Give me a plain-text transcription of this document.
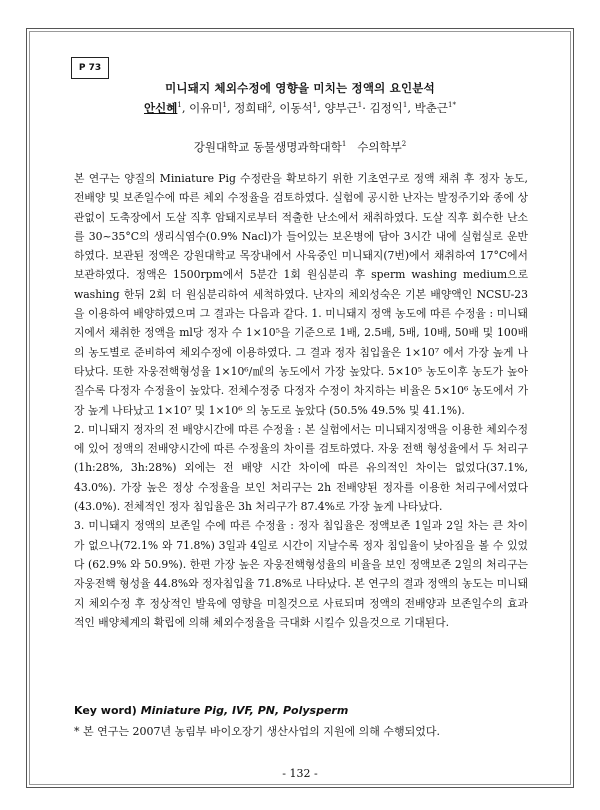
P 73
미니돼지 체외수정에 영향을 미치는 정액의 요인분석
안신혜$^1$, 이유미$^1$, 정희태$^2$, 이동석$^1$, 양부근$^1$· 김정익$^1$, 박춘근$^{1*}$
강원대학교 동물생명과학대학$^1$ 수의학부$^2$

본 연구는 양질의 Miniature Pig 수정란을 확보하기 위한 기초연구로 정액 채취 후 정자 농도, 전배양 및 보존일수에 따른 체외 수정율을 검토하였다. 실험에 공시한 난자는 발정주기와 종에 상관없이 도축장에서 도살 직후 암돼지로부터 적출한 난소에서 채취하였다. 도살 직후 회수한 난소를 30~35°C의 생리식염수(0.9% Nacl)가 들어있는 보온병에 담아 3시간 내에 실험실로 운반하였다. 보관된 정액은 강원대학교 목장내에서 사육중인 미니돼지(7번)에서 채취하여 17°C에서 보관하였다. 정액은 1500rpm에서 5분간 1회 원심분리 후 sperm washing medium으로 washing 한뒤 2회 더 원심분리하여 세척하였다. 난자의 체외성숙은 기본 배양액인 NCSU-23을 이용하여 배양하였으며 그 결과는 다음과 같다. 1. 미니돼지 정액 농도에 따른 수정율 : 미니돼지에서 채취한 정액을 ml당 정자 수 1×10⁵을 기준으로 1배, 2.5배, 5배, 10배, 50배 및 100배의 농도별로 준비하여 체외수정에 이용하였다. 그 결과 정자 침입율은 1×10⁷ 에서 가장 높게 나타났다. 또한 자웅전핵형성율 1×10⁶/㎖의 농도에서 가장 높았다. 5×10⁵ 농도이후 농도가 높아질수록 다정자 수정율이 높았다. 전체수정중 다정자 수정이 차지하는 비율은 5×10⁶ 농도에서 가장 높게 나타났고 1×10⁷ 및 1×10⁶ 의 농도로 높았다 (50.5% 49.5% 및 41.1%).

2. 미니돼지 정자의 전 배양시간에 따른 수정율 : 본 실험에서는 미니돼지정액을 이용한 체외수정에 있어 정액의 전배양시간에 따른 수정율의 차이를 검토하였다. 자웅 전핵 형성율에서 두 처리구 (1h:28%, 3h:28%) 외에는 전 배양 시간 차이에 따른 유의적인 차이는 없었다(37.1%, 43.0%). 가장 높은 정상 수정율을 보인 처리구는 2h 전배양된 정자를 이용한 처리구에서였다(43.0%). 전체적인 정자 침입율은 3h 처리구가 87.4%로 가장 높게 나타났다.

3. 미니돼지 정액의 보존일 수에 따른 수정율 : 정자 침입율은 정액보존 1일과 2일 차는 큰 차이가 없으나(72.1% 와 71.8%) 3일과 4일로 시간이 지날수록 정자 침입율이 낮아짐을 볼 수 있었다 (62.9% 와 50.9%). 한편 가장 높은 자웅전핵형성율의 비율을 보인 정액보존 2일의 처리구는 자웅전핵 형성율 44.8%와 정자침입율 71.8%로 나타났다. 본 연구의 결과 정액의 농도는 미니돼지 체외수정 후 정상적인 발육에 영향을 미칠것으로 사료되며 정액의 전배양과 보존일수의 효과적인 배양체계의 확립에 의해 체외수정율을 극대화 시킬수 있을것으로 기대된다.

Key word) Miniature Pig, IVF, PN, Polysperm
* 본 연구는 2007년 농림부 바이오장기 생산사업의 지원에 의해 수행되었다.
- 132 -
